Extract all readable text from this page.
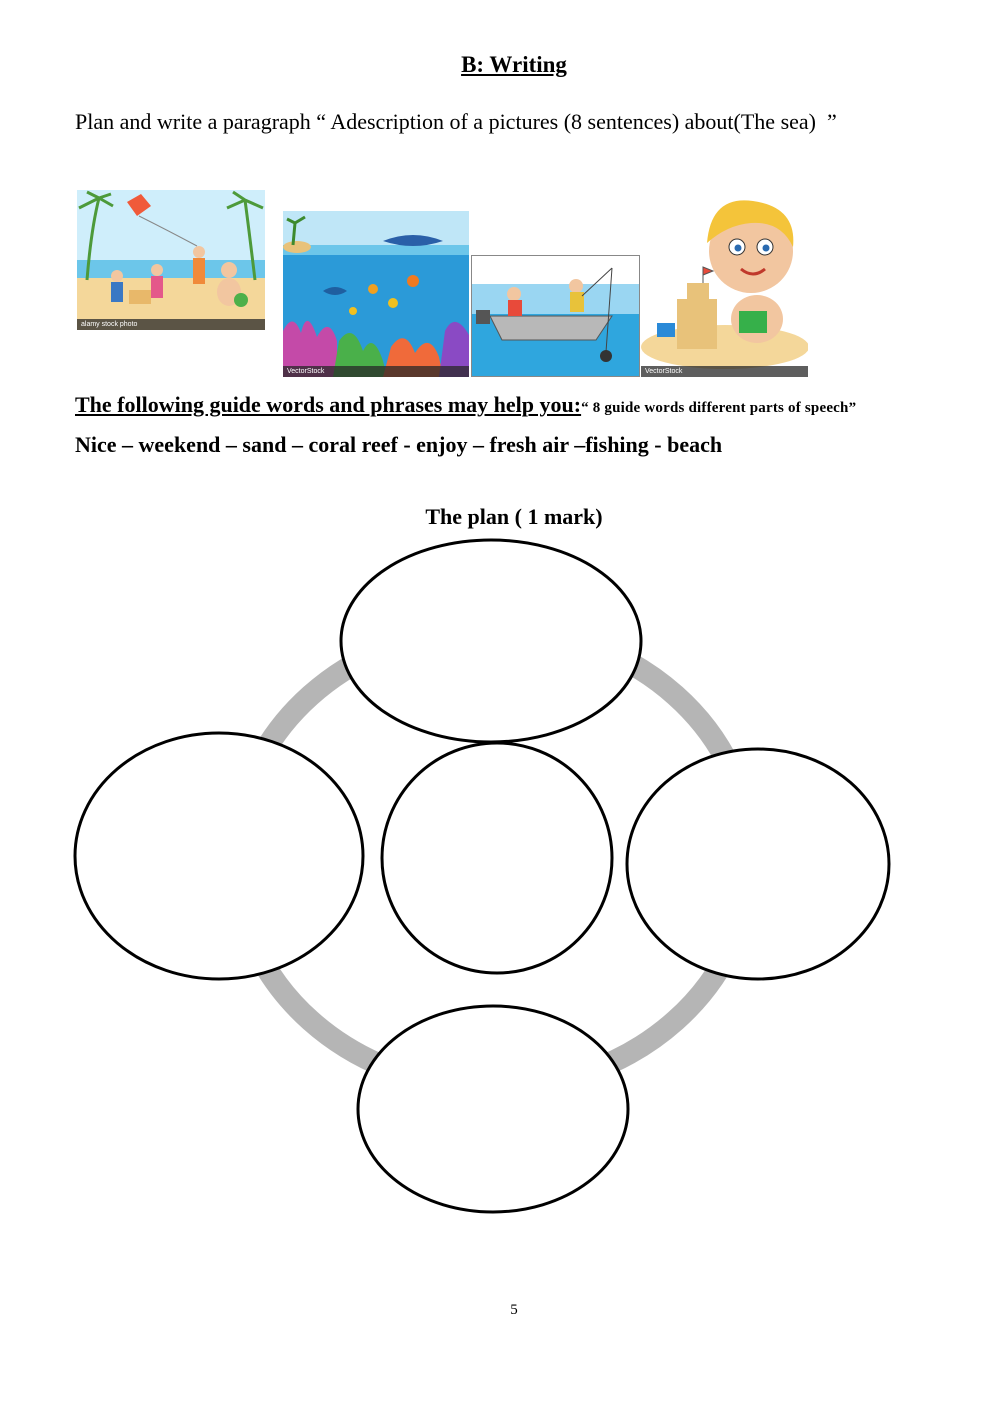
B: Writing
Plan and write a paragraph “ Adescription of a pictures (8 sentences) about(The sea)  ”
alamy stock photo
VectorStock	VectorStock
The following guide words and phrases may help you:“ 8 guide words different parts of speech”
Nice – weekend – sand – coral reef - enjoy – fresh air –fishing - beach
The plan ( 1 mark)
5
